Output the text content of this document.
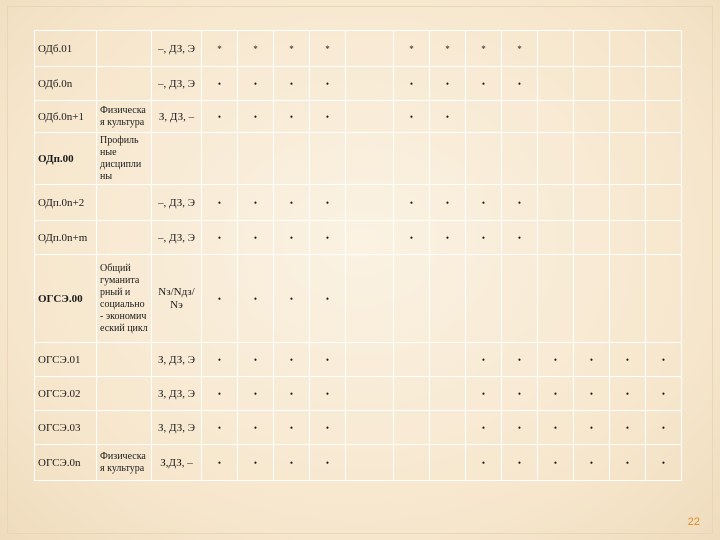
ОДб.01		–, ДЗ, Э	*	*	*	*		*	*	*	*				
ОДб.0n		–, ДЗ, Э	•	•	•	•		•	•	•	•				
ОДб.0n+1	Физическа я культура	З, ДЗ, –	•	•	•	•		•	•						
ОДп.00	Профиль ные дисципли ны														
ОДп.0n+2		–, ДЗ, Э	•	•	•	•		•	•	•	•				
ОДп.0n+m		–, ДЗ, Э	•	•	•	•		•	•	•	•				
ОГСЭ.00	Общий гуманита рный и социально - экономич еский цикл	Nз/Nдз/ Nэ	•	•	•	•									
ОГСЭ.01		З, ДЗ, Э	•	•	•	•				•	•	•	•	•	•
ОГСЭ.02		З, ДЗ, Э	•	•	•	•				•	•	•	•	•	•
ОГСЭ.03		З, ДЗ, Э	•	•	•	•				•	•	•	•	•	•
ОГСЭ.0n	Физическа я культура	З,ДЗ, –	•	•	•	•				•	•	•	•	•	•
22
